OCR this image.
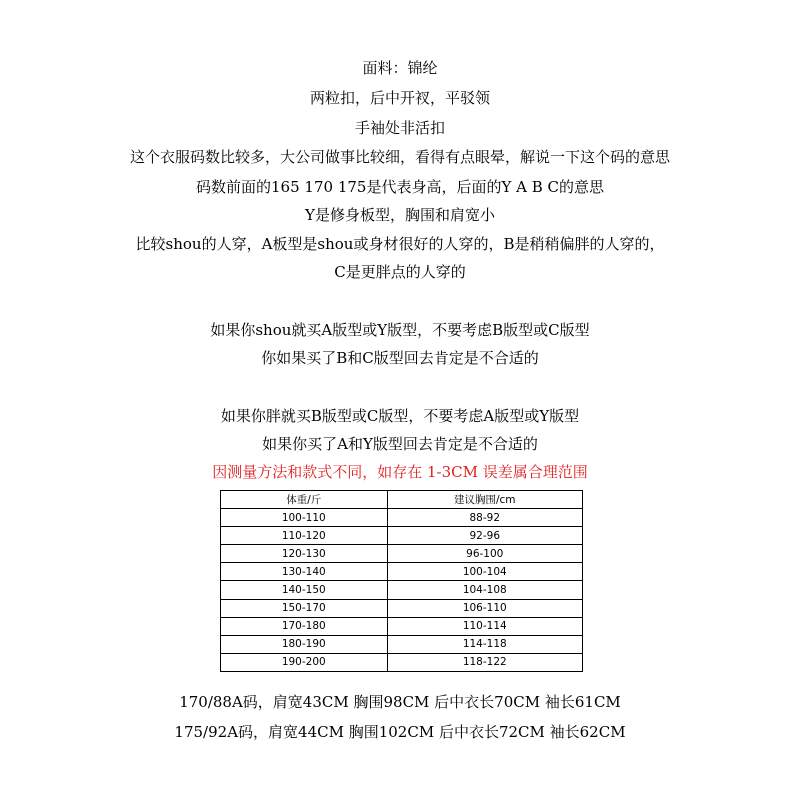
面料：锦纶
两粒扣，后中开衩，平驳领
手袖处非活扣
这个衣服码数比较多，大公司做事比较细，看得有点眼晕，解说一下这个码的意思
码数前面的165 170 175是代表身高，后面的Y A B C的意思
Y是修身板型，胸围和肩宽小
比较shou的人穿，A板型是shou或身材很好的人穿的，B是稍稍偏胖的人穿的，
C是更胖点的人穿的
如果你shou就买A版型或Y版型，不要考虑B版型或C版型
你如果买了B和C版型回去肯定是不合适的
如果你胖就买B版型或C版型，不要考虑A版型或Y版型
如果你买了A和Y版型回去肯定是不合适的
因测量方法和款式不同，如存在 1-3CM 误差属合理范围
体重/斤	建议胸围/cm
100-110	88-92
110-120	92-96
120-130	96-100
130-140	100-104
140-150	104-108
150-170	106-110
170-180	110-114
180-190	114-118
190-200	118-122
170/88A码，肩宽43CM 胸围98CM 后中衣长70CM 袖长61CM
175/92A码，肩宽44CM 胸围102CM 后中衣长72CM 袖长62CM
